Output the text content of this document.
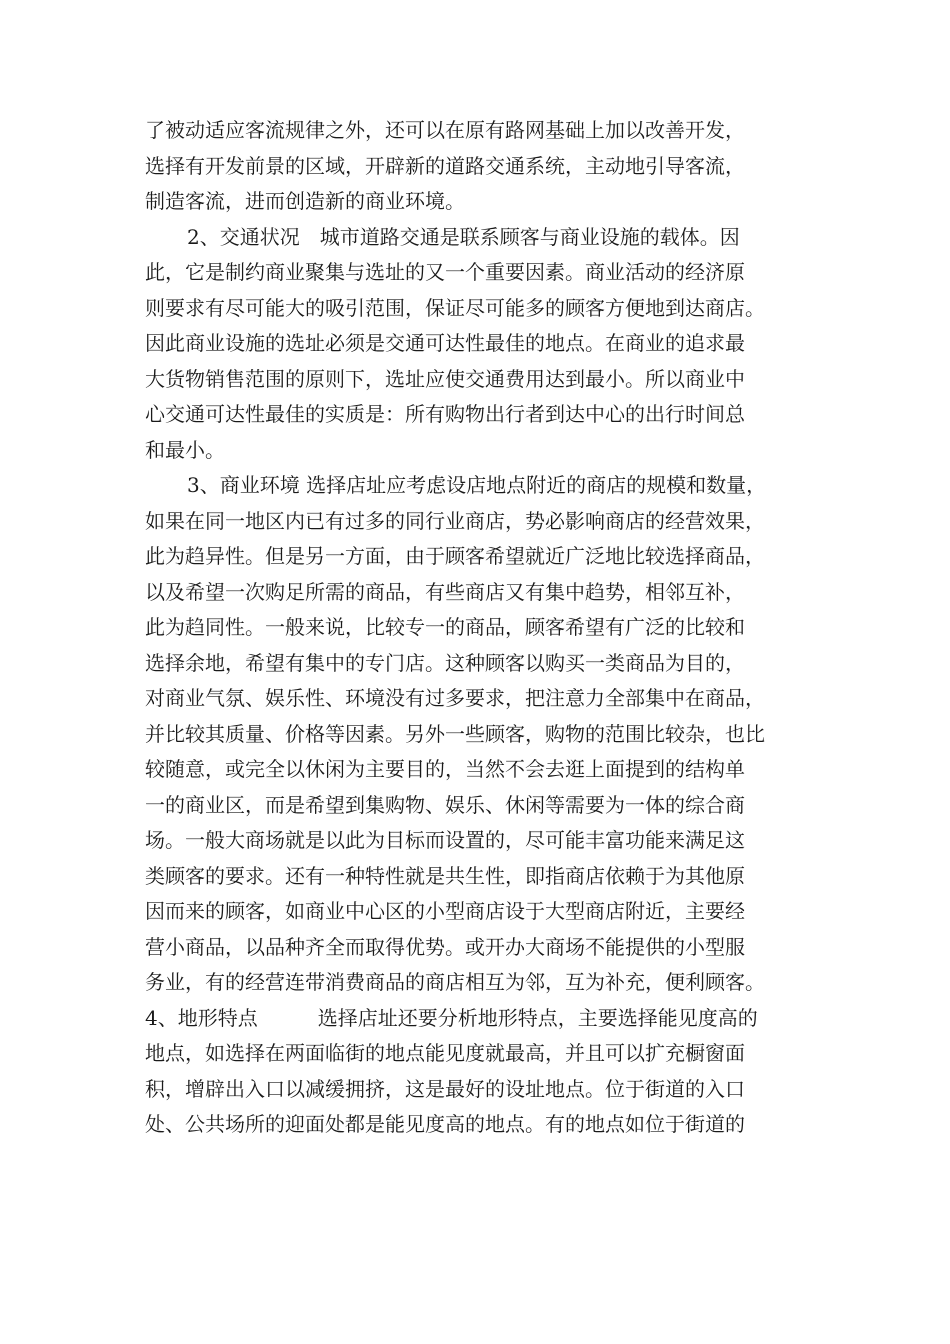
了被动适应客流规律之外，还可以在原有路网基础上加以改善开发，
选择有开发前景的区域，开辟新的道路交通系统，主动地引导客流，
制造客流，进而创造新的商业环境。
2、交通状况　城市道路交通是联系顾客与商业设施的载体。因
此，它是制约商业聚集与选址的又一个重要因素。商业活动的经济原
则要求有尽可能大的吸引范围，保证尽可能多的顾客方便地到达商店。
因此商业设施的选址必须是交通可达性最佳的地点。在商业的追求最
大货物销售范围的原则下，选址应使交通费用达到最小。所以商业中
心交通可达性最佳的实质是：所有购物出行者到达中心的出行时间总
和最小。
3、商业环境 选择店址应考虑设店地点附近的商店的规模和数量，
如果在同一地区内已有过多的同行业商店，势必影响商店的经营效果，
此为趋异性。但是另一方面，由于顾客希望就近广泛地比较选择商品，
以及希望一次购足所需的商品，有些商店又有集中趋势，相邻互补，
此为趋同性。一般来说，比较专一的商品，顾客希望有广泛的比较和
选择余地，希望有集中的专门店。这种顾客以购买一类商品为目的，
对商业气氛、娱乐性、环境没有过多要求，把注意力全部集中在商品，
并比较其质量、价格等因素。另外一些顾客，购物的范围比较杂，也比
较随意，或完全以休闲为主要目的，当然不会去逛上面提到的结构单
一的商业区，而是希望到集购物、娱乐、休闲等需要为一体的综合商
场。一般大商场就是以此为目标而设置的，尽可能丰富功能来满足这
类顾客的要求。还有一种特性就是共生性，即指商店依赖于为其他原
因而来的顾客，如商业中心区的小型商店设于大型商店附近，主要经
营小商品，以品种齐全而取得优势。或开办大商场不能提供的小型服
务业，有的经营连带消费商品的商店相互为邻，互为补充，便利顾客。
4、地形特点　　　选择店址还要分析地形特点，主要选择能见度高的
地点，如选择在两面临街的地点能见度就最高，并且可以扩充橱窗面
积，增辟出入口以减缓拥挤，这是最好的设址地点。位于街道的入口
处、公共场所的迎面处都是能见度高的地点。有的地点如位于街道的
